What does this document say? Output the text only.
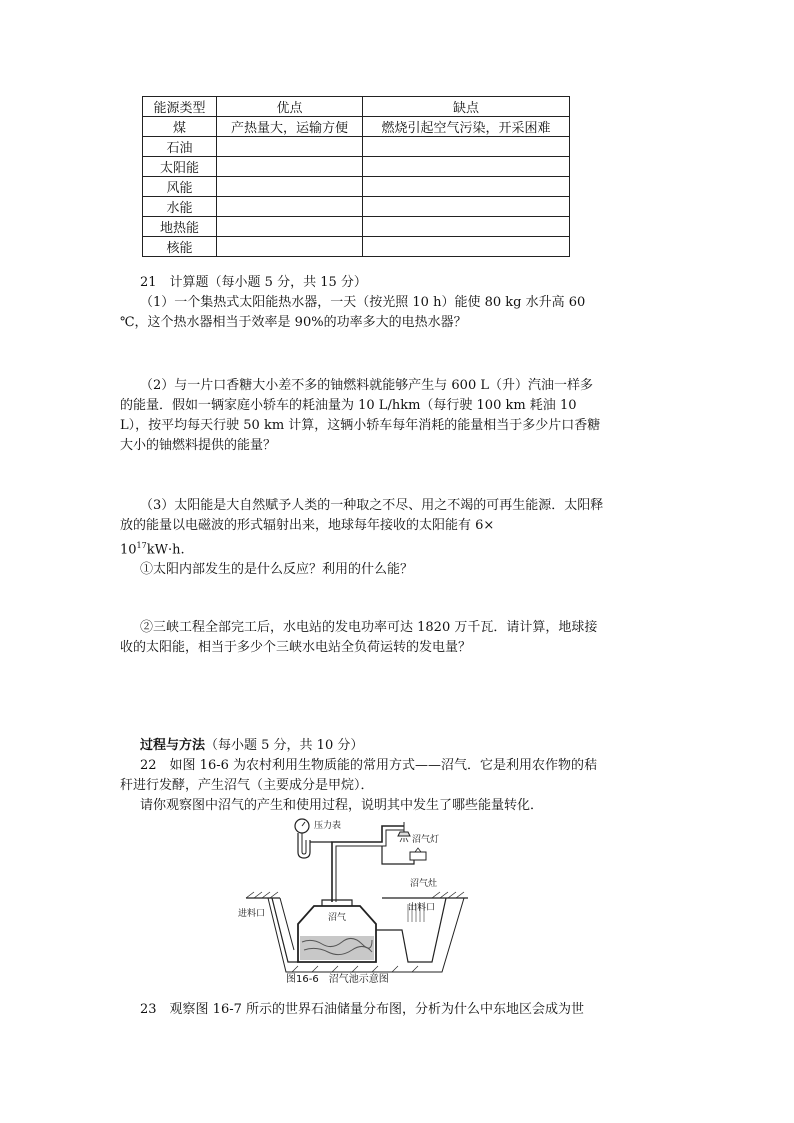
能源类型	优点	缺点
煤	产热量大，运输方便	燃烧引起空气污染，开采困难
石油		
太阳能		
风能		
水能		
地热能		
核能		

21　计算题（每小题 5 分，共 15 分）

（1）一个集热式太阳能热水器，一天（按光照 10 h）能使 80 kg 水升高 60 ℃，这个热水器相当于效率是 90%的功率多大的电热水器？

（2）与一片口香糖大小差不多的铀燃料就能够产生与 600 L（升）汽油一样多的能量．假如一辆家庭小轿车的耗油量为 10 L/hkm（每行驶 100 km 耗油 10 L），按平均每天行驶 50 km 计算，这辆小轿车每年消耗的能量相当于多少片口香糖大小的铀燃料提供的能量？

（3）太阳能是大自然赋予人类的一种取之不尽、用之不竭的可再生能源．太阳释放的能量以电磁波的形式辐射出来，地球每年接收的太阳能有 6×

$10^{17}kW\cdot h$.

①太阳内部发生的是什么反应？利用的什么能？

②三峡工程全部完工后，水电站的发电功率可达 1820 万千瓦．请计算，地球接收的太阳能，相当于多少个三峡水电站全负荷运转的发电量？

过程与方法（每小题 5 分，共 10 分）

22　如图 16-6 为农村利用生物质能的常用方式——沼气．它是利用农作物的秸秆进行发酵，产生沼气（主要成分是甲烷）．

请你观察图中沼气的产生和使用过程，说明其中发生了哪些能量转化．

压力表
沼气灯
沼气灶
进料口
出料口
沼气
图16-6　沼气池示意图

23　观察图 16-7 所示的世界石油储量分布图，分析为什么中东地区会成为世
